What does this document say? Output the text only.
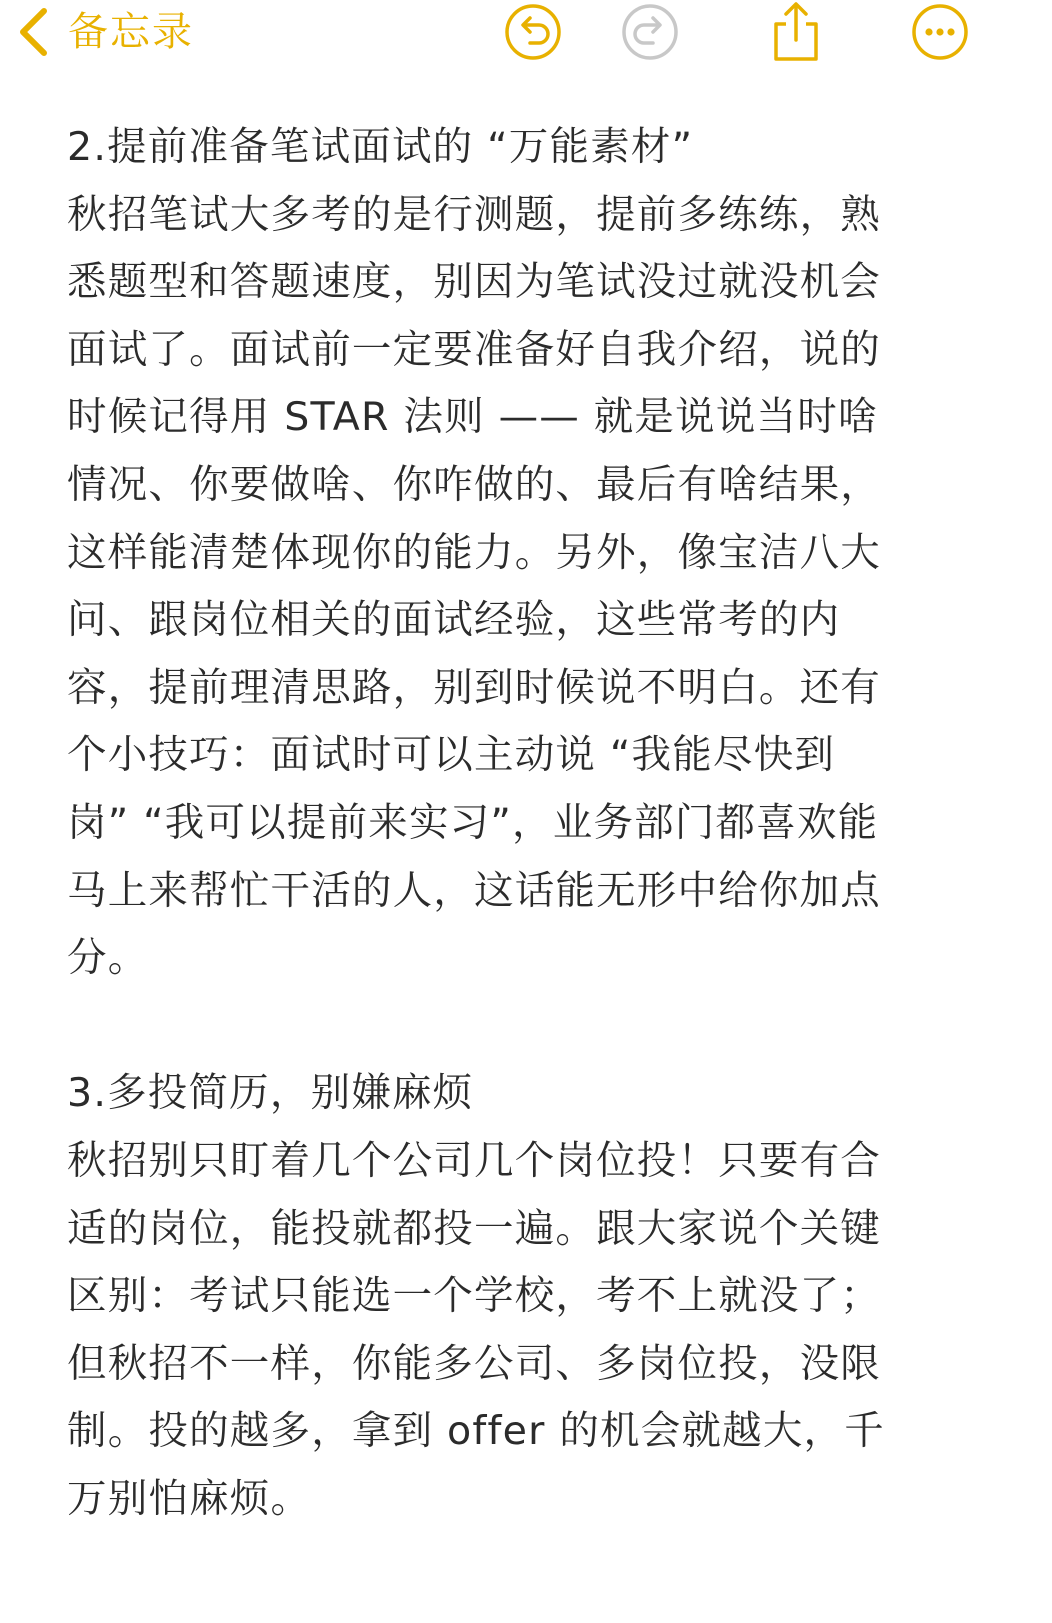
备忘录

2.提前准备笔试面试的 “万能素材”

秋招笔试大多考的是行测题，提前多练练，熟
悉题型和答题速度，别因为笔试没过就没机会
面试了。面试前一定要准备好自我介绍，说的
时候记得用 STAR 法则 —— 就是说说当时啥
情况、你要做啥、你咋做的、最后有啥结果，
这样能清楚体现你的能力。另外，像宝洁八大
问、跟岗位相关的面试经验，这些常考的内
容，提前理清思路，别到时候说不明白。还有
个小技巧：面试时可以主动说 “我能尽快到
岗” “我可以提前来实习”，业务部门都喜欢能
马上来帮忙干活的人，这话能无形中给你加点
分。

3.多投简历，别嫌麻烦

秋招别只盯着几个公司几个岗位投！只要有合
适的岗位，能投就都投一遍。跟大家说个关键
区别：考试只能选一个学校，考不上就没了；
但秋招不一样，你能多公司、多岗位投，没限
制。投的越多，拿到 offer 的机会就越大，千
万别怕麻烦。
